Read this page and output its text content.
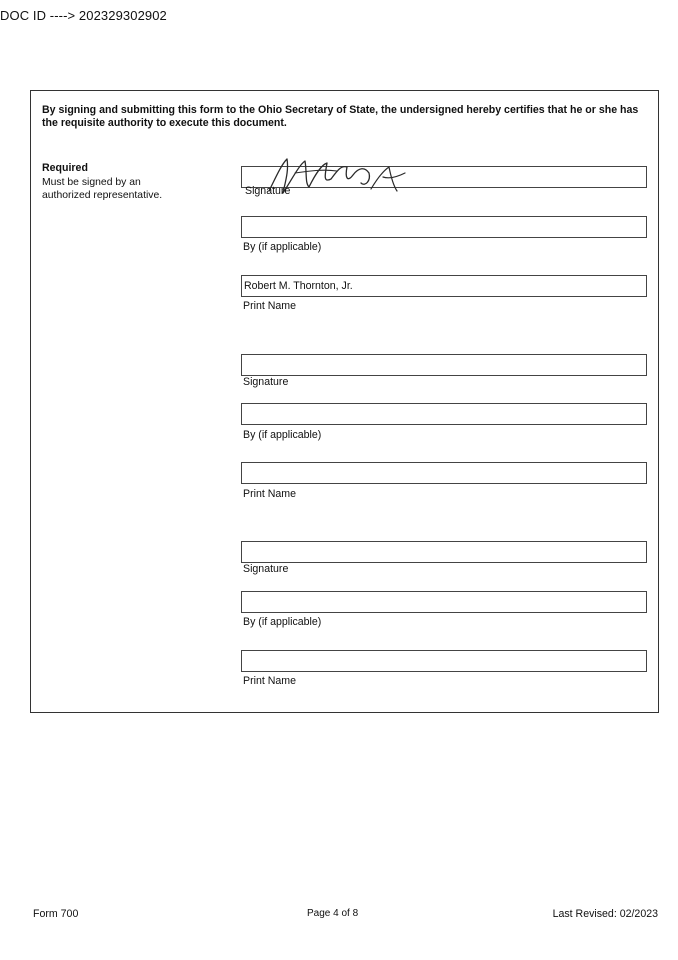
DOC ID ----> 202329302902
By signing and submitting this form to the Ohio Secretary of State, the undersigned hereby certifies that he or she has the requisite authority to execute this document.
Required
Must be signed by an authorized representative.	Signature
By (if applicable)
Robert M. Thornton, Jr.
Print Name
Signature
By (if applicable)
Print Name
Signature
By (if applicable)
Print Name
Form 700	Page 4 of 8	Last Revised: 02/2023
